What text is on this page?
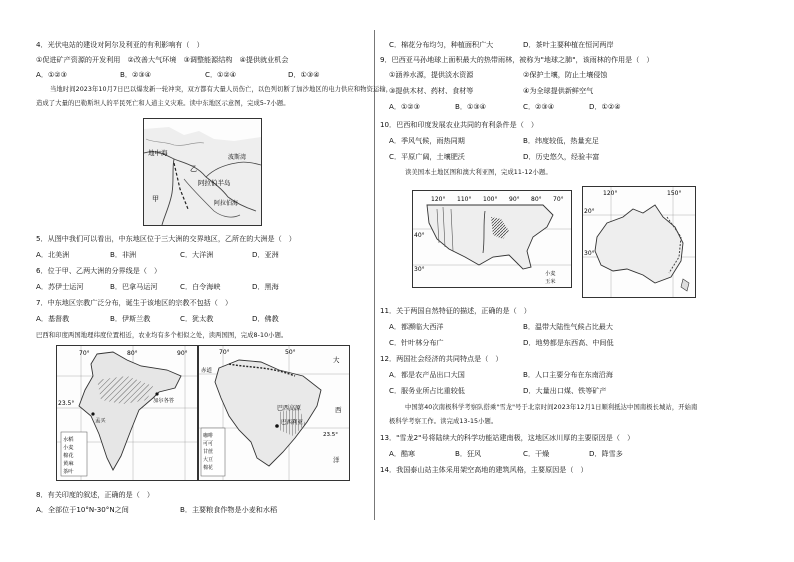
4．光伏电站的建设对阿尔及利亚的有利影响有（　）
①促进矿产资源的开发利用　②改善大气环境　③调整能源结构　④提供就业机会
A．①②③	B．②③④	C．①②④	D．①③④
当地时间2023年10月7日巴以爆发新一轮冲突，双方都有大量人员伤亡，以色列切断了加沙地区的电力供应和物资运输，
造成了大量的巴勒斯坦人的平民死亡和人道主义灾难。读中东地区示意图，完成5-7小题。
地中海
阿拉伯半岛
乙
甲
阿拉伯海
波斯湾
5．从图中我们可以看出，中东地区位于三大洲的交界地区，乙所在的大洲是（　）
A．北美洲	B．非洲	C．大洋洲	D．亚洲
6．位于甲、乙两大洲的分界线是（　）
A．苏伊士运河	B．巴拿马运河	C．白令海峡	D．黑海
7．中东地区宗教广泛分布，诞生于该地区的宗教不包括（　）
A．基督教	B．伊斯兰教	C．犹太教	D．佛教
巴西和印度两国地理纬度位置相近，农业均有多个相似之处，读两国图，完成8-10小题。
70°	80°	90°
23.5°
水稻
小麦
棉花
黄麻
茶叶
孟买
加尔各答
70°	50°
大
西
洋
巴西高原
巴西利亚
23.5°
赤道
咖啡
可可
甘蔗
大豆
棉花
8．有关印度的叙述，正确的是（　）
A．全部位于10°N-30°N之间	B．主要粮食作物是小麦和水稻
C．棉花分布均匀，种植面积广大	D．茶叶主要种植在恒河两岸
9．巴西亚马孙地球上面积最大的热带雨林，被称为"地球之肺"，该雨林的作用是（　）
①涵养水源，提供淡水资源	②保护土壤，防止土壤侵蚀
③提供木材、药材、食材等	④为全球提供新鲜空气
A．①②③	B．①③④	C．②③④	D．①②④
10．巴西和印度发展农业共同的有利条件是（　）
A．季风气候，雨热同期	B．纬度较低，热量充足
C．平原广阔，土壤肥沃	D．历史悠久，经验丰富
读美国本土地区图和澳大利亚图，完成11-12小题。
120° 110° 100° 90° 80° 70°
40°
30°
小麦
玉米
120°	150°
20°
30°
11．关于两国自然特征的描述，正确的是（　）
A．都濒临大西洋	B．温带大陆性气候占比最大
C．针叶林分布广	D．地势都是东西高、中间低
12．两国社会经济的共同特点是（　）
A．都是农产品出口大国	B．人口主要分布在东南沿海
C．服务业所占比重较低	D．大量出口煤、铁等矿产
中国第40次南极科学考察队搭乘"雪龙"号于北京时间2023年12月1日顺利抵达中国南极长城站，开始南
极科学考察工作。读完成13-15小题。
13．"雪龙2"号将陆续大的科学功能站建南极，这地区冰川厚的主要原因是（　）
A．酷寒	B．狂风	C．干燥	D．降雪多
14．我国泰山站主体采用架空高地的建筑风格，主要原因是（　）
